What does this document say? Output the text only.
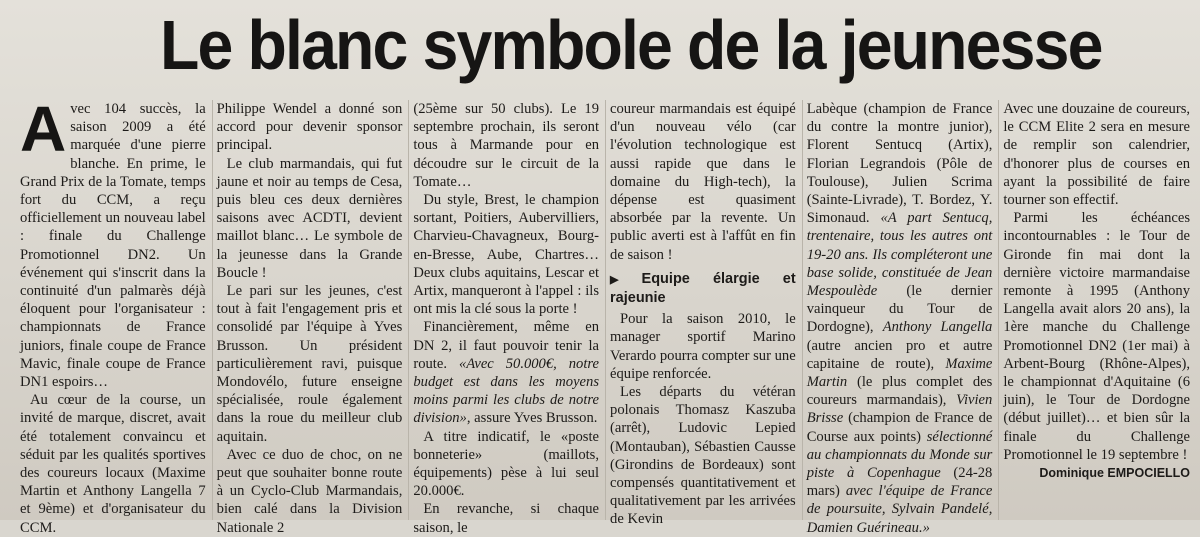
Le blanc symbole de la jeunesse

Avec 104 succès, la saison 2009 a été marquée d'une pierre blanche. En prime, le Grand Prix de la Tomate, temps fort du CCM, a reçu officiellement un nouveau label : finale du Challenge Promotionnel DN2. Un événement qui s'inscrit dans la continuité d'un palmarès déjà éloquent pour l'organisateur : championnats de France juniors, finale coupe de France Mavic, finale coupe de France DN1 espoirs…

Au cœur de la course, un invité de marque, discret, avait été totalement convaincu et séduit par les qualités sportives des coureurs locaux (Maxime Martin et Anthony Langella 7 et 9ème) et d'organisateur du CCM.

Philippe Wendel a donné son accord pour devenir sponsor principal.

Le club marmandais, qui fut jaune et noir au temps de Cesa, puis bleu ces deux dernières saisons avec ACDTI, devient maillot blanc… Le symbole de la jeunesse dans la Grande Boucle !

Le pari sur les jeunes, c'est tout à fait l'engagement pris et consolidé par l'équipe à Yves Brusson. Un président particulièrement ravi, puisque Mondovélo, future enseigne spécialisée, roule également dans la roue du meilleur club aquitain.

Avec ce duo de choc, on ne peut que souhaiter bonne route à un Cyclo-Club Marmandais, bien calé dans la Division Nationale 2

(25ème sur 50 clubs). Le 19 septembre prochain, ils seront tous à Marmande pour en découdre sur le circuit de la Tomate…

Du style, Brest, le champion sortant, Poitiers, Aubervilliers, Charvieu-Chavagneux, Bourg-en-Bresse, Aube, Chartres… Deux clubs aquitains, Lescar et Artix, manqueront à l'appel : ils ont mis la clé sous la porte !

Financièrement, même en DN 2, il faut pouvoir tenir la route. «Avec 50.000€, notre budget est dans les moyens moins parmi les clubs de notre division», assure Yves Brusson.

A titre indicatif, le «poste bonneterie» (maillots, équipements) pèse à lui seul 20.000€.

En revanche, si chaque saison, le

coureur marmandais est équipé d'un nouveau vélo (car l'évolution technologique est aussi rapide que dans le domaine du High-tech), la dépense est quasiment absorbée par la revente. Un public averti est à l'affût en fin de saison !

▶ Equipe élargie et rajeunie

Pour la saison 2010, le manager sportif Marino Verardo pourra compter sur une équipe renforcée.

Les départs du vétéran polonais Thomasz Kaszuba (arrêt), Ludovic Lepied (Montauban), Sébastien Causse (Girondins de Bordeaux) sont compensés quantitativement et qualitativement par les arrivées de Kevin

Labèque (champion de France du contre la montre junior), Florent Sentucq (Artix), Florian Legrandois (Pôle de Toulouse), Julien Scrima (Sainte-Livrade), T. Bordez, Y. Simonaud. «A part Sentucq, trentenaire, tous les autres ont 19-20 ans. Ils compléteront une base solide, constituée de Jean Mespoulède (le dernier vainqueur du Tour de Dordogne), Anthony Langella (autre ancien pro et autre capitaine de route), Maxime Martin (le plus complet des coureurs marmandais), Vivien Brisse (champion de France de Course aux points) sélectionné au championnats du Monde sur piste à Copenhague (24-28 mars) avec l'équipe de France de poursuite, Sylvain Pandelé, Damien Guérineau.»

Avec une douzaine de coureurs, le CCM Elite 2 sera en mesure de remplir son calendrier, d'honorer plus de courses en ayant la possibilité de faire tourner son effectif.

Parmi les échéances incontournables : le Tour de Gironde fin mai dont la dernière victoire marmandaise remonte à 1995 (Anthony Langella avait alors 20 ans), la 1ère manche du Challenge Promotionnel DN2 (1er mai) à Arbent-Bourg (Rhône-Alpes), le championnat d'Aquitaine (6 juin), le Tour de Dordogne (début juillet)… et bien sûr la finale du Challenge Promotionnel le 19 septembre !

Dominique EMPOCIELLO
